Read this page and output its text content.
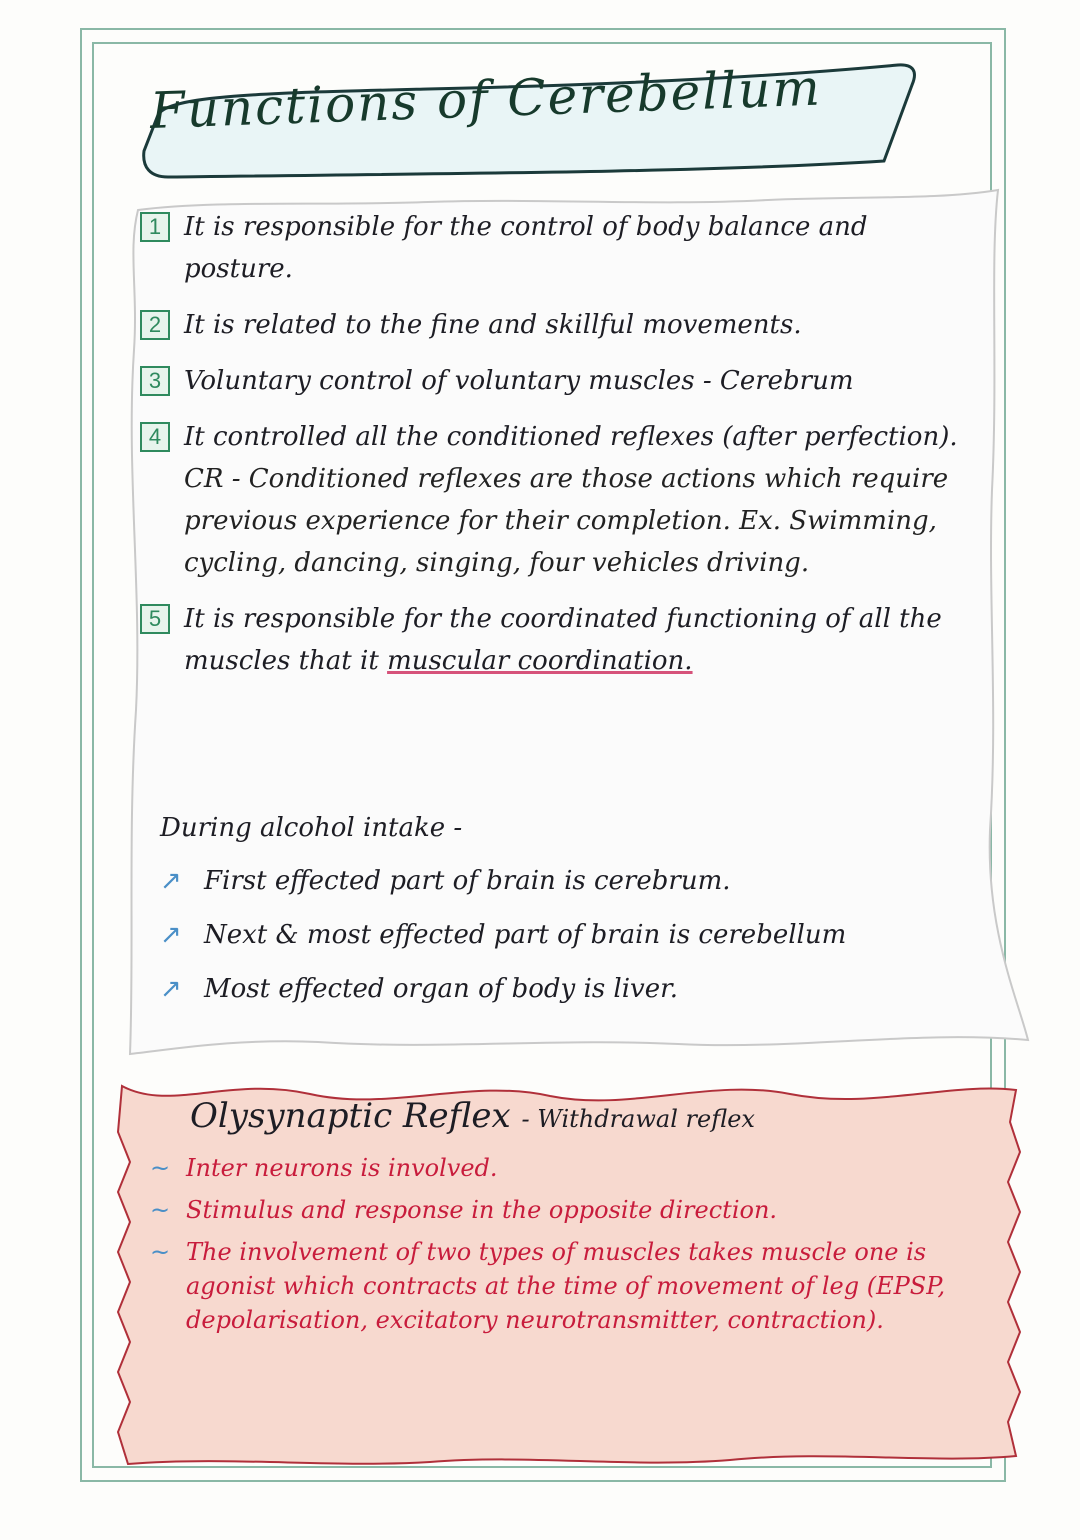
Functions of Cerebellum
1 It is responsible for the control of body balance and posture.
2 It is related to the fine and skillful movements.
3 Voluntary control of voluntary muscles - Cerebrum
4 It controlled all the conditioned reflexes (after perfection). CR - Conditioned reflexes are those actions which require previous experience for their completion. Ex. Swimming, cycling, dancing, singing, four vehicles driving.
5 It is responsible for the coordinated functioning of all the muscles that it muscular coordination.
During alcohol intake -
↗ First effected part of brain is cerebrum.
↗ Next & most effected part of brain is cerebellum
↗ Most effected organ of body is liver.
Olysynaptic Reflex - Withdrawal reflex
~ Inter neurons is involved.
~ Stimulus and response in the opposite direction.
~ The involvement of two types of muscles takes muscle one is agonist which contracts at the time of movement of leg (EPSP, depolarisation, excitatory neurotransmitter, contraction).
